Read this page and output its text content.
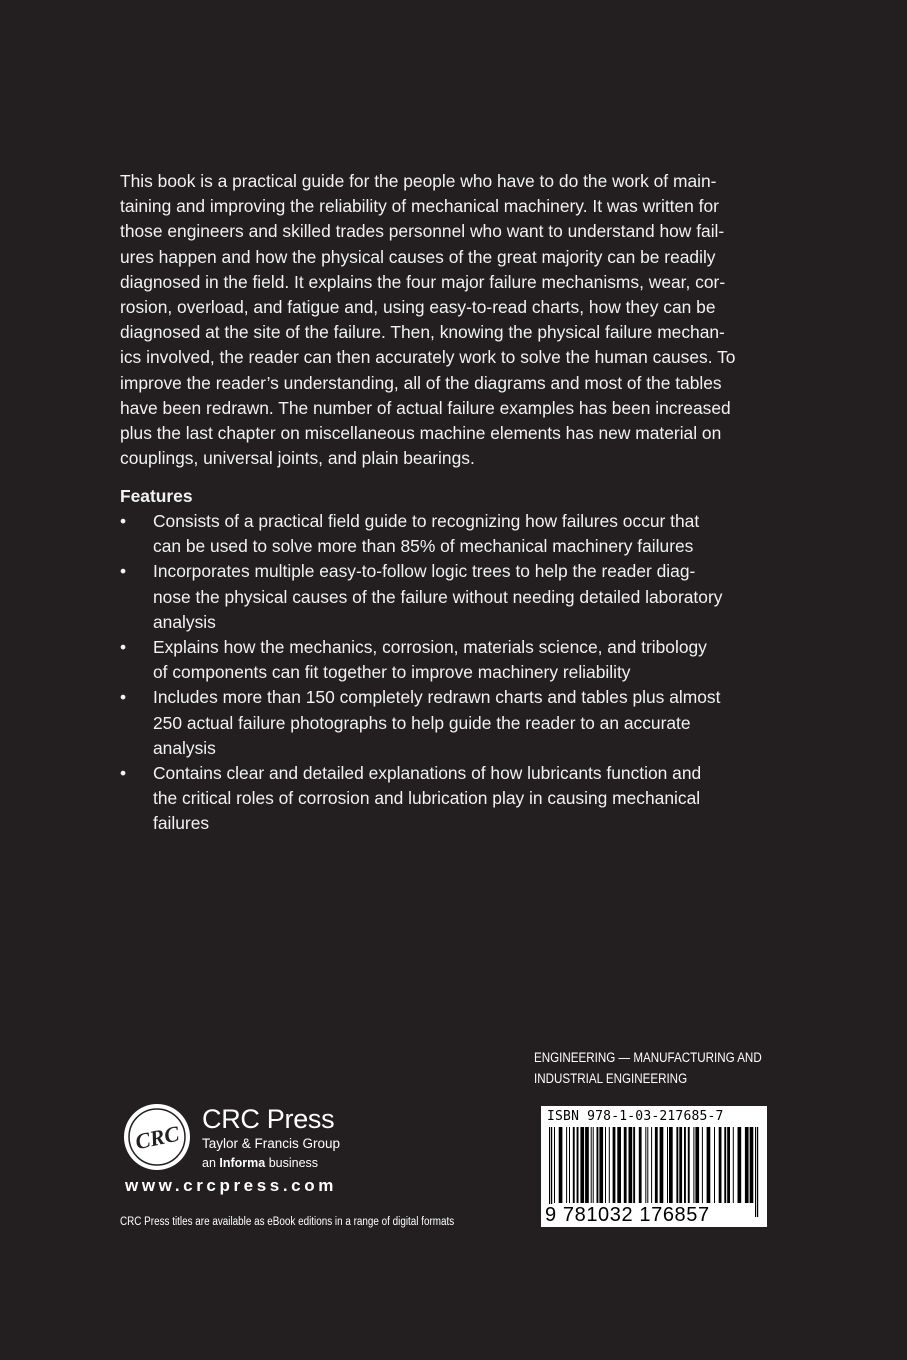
This book is a practical guide for the people who have to do the work of main-
taining and improving the reliability of mechanical machinery. It was written for
those engineers and skilled trades personnel who want to understand how fail-
ures happen and how the physical causes of the great majority can be readily
diagnosed in the field. It explains the four major failure mechanisms, wear, cor-
rosion, overload, and fatigue and, using easy-to-read charts, how they can be
diagnosed at the site of the failure. Then, knowing the physical failure mechan-
ics involved, the reader can then accurately work to solve the human causes. To
improve the reader’s understanding, all of the diagrams and most of the tables
have been redrawn. The number of actual failure examples has been increased
plus the last chapter on miscellaneous machine elements has new material on
couplings, universal joints, and plain bearings.

Features
• Consists of a practical field guide to recognizing how failures occur that
can be used to solve more than 85% of mechanical machinery failures
• Incorporates multiple easy-to-follow logic trees to help the reader diag-
nose the physical causes of the failure without needing detailed laboratory
analysis
• Explains how the mechanics, corrosion, materials science, and tribology
of components can fit together to improve machinery reliability
• Includes more than 150 completely redrawn charts and tables plus almost
250 actual failure photographs to help guide the reader to an accurate
analysis
• Contains clear and detailed explanations of how lubricants function and
the critical roles of corrosion and lubrication play in causing mechanical
failures
ENGINEERING — MANUFACTURING AND
INDUSTRIAL ENGINEERING
ISBN 978-1-03-217685-7
9 781032 176857
CRC
CRC Press
Taylor & Francis Group
an Informa business
www.crcpress.com
CRC Press titles are available as eBook editions in a range of digital formats
